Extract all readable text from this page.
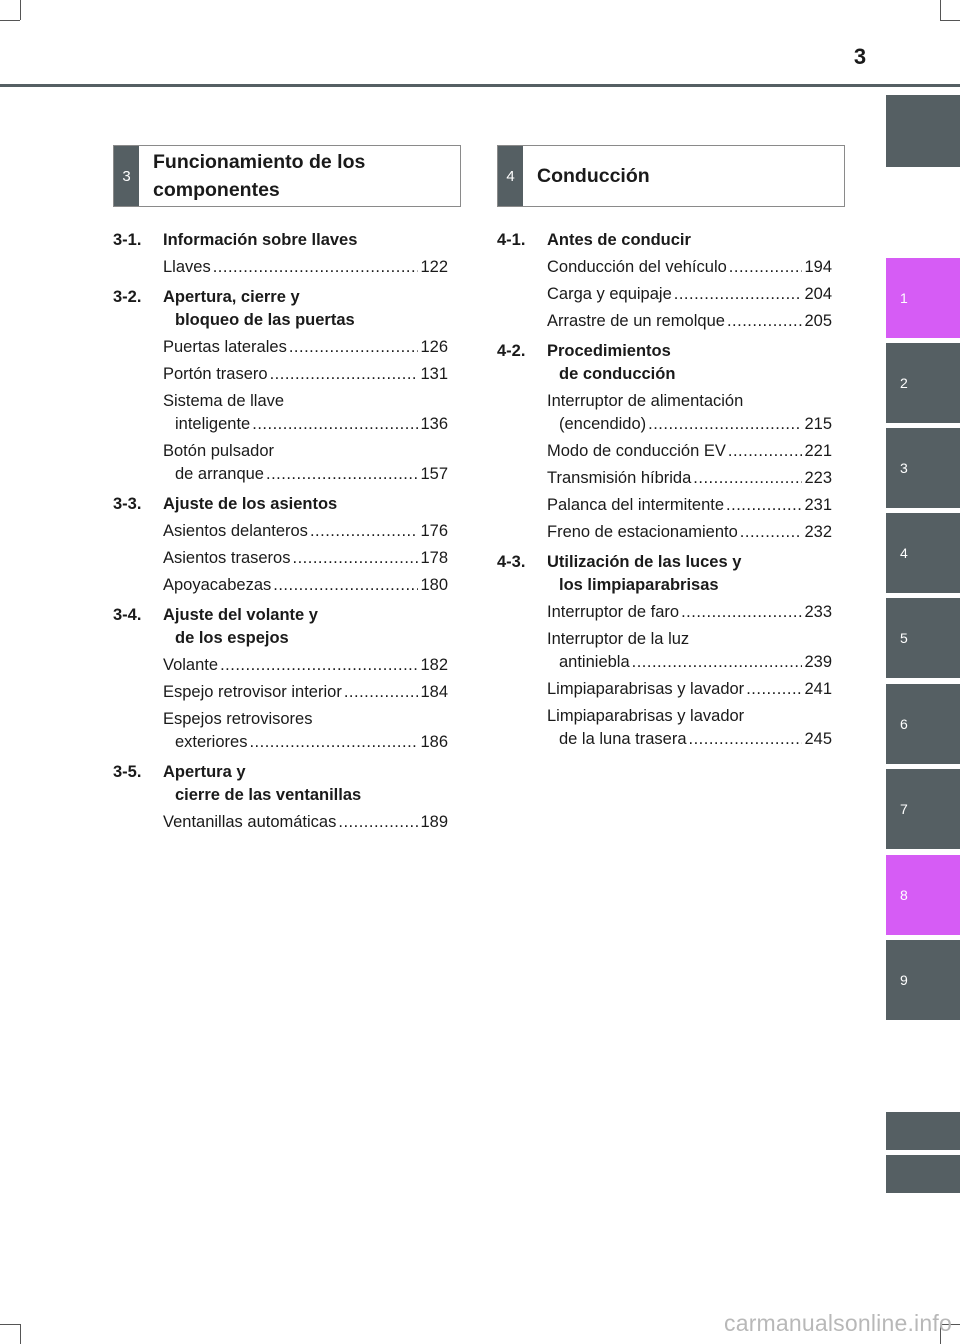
3
3
Funcionamiento de los
componentes
4	Conducción
3-1.	Información sobre llaves
Llaves .....	122
3-2.	Apertura, cierre y
bloqueo de las puertas
Puertas laterales .....	126
Portón trasero .....	131
Sistema de llave
inteligente .....	136
Botón pulsador
de arranque .....	157
3-3.	Ajuste de los asientos
Asientos delanteros .....	176
Asientos traseros .....	178
Apoyacabezas .....	180
3-4.	Ajuste del volante y
de los espejos
Volante .....	182
Espejo retrovisor interior .....	184
Espejos retrovisores
exteriores .....	186
3-5.	Apertura y
cierre de las ventanillas
Ventanillas automáticas .....	189
4-1.	Antes de conducir
Conducción del vehículo .....	194
Carga y equipaje .....	204
Arrastre de un remolque .....	205
4-2.	Procedimientos
de conducción
Interruptor de alimentación
(encendido) .....	215
Modo de conducción EV .....	221
Transmisión híbrida .....	223
Palanca del intermitente .....	231
Freno de estacionamiento .....	232
4-3.	Utilización de las luces y
los limpiaparabrisas
Interruptor de faro .....	233
Interruptor de la luz
antiniebla .....	239
Limpiaparabrisas y lavador .....	241
Limpiaparabrisas y lavador
de la luna trasera .....	245
1
2
3
4
5
6
7
8
9
carmanualsonline.info
